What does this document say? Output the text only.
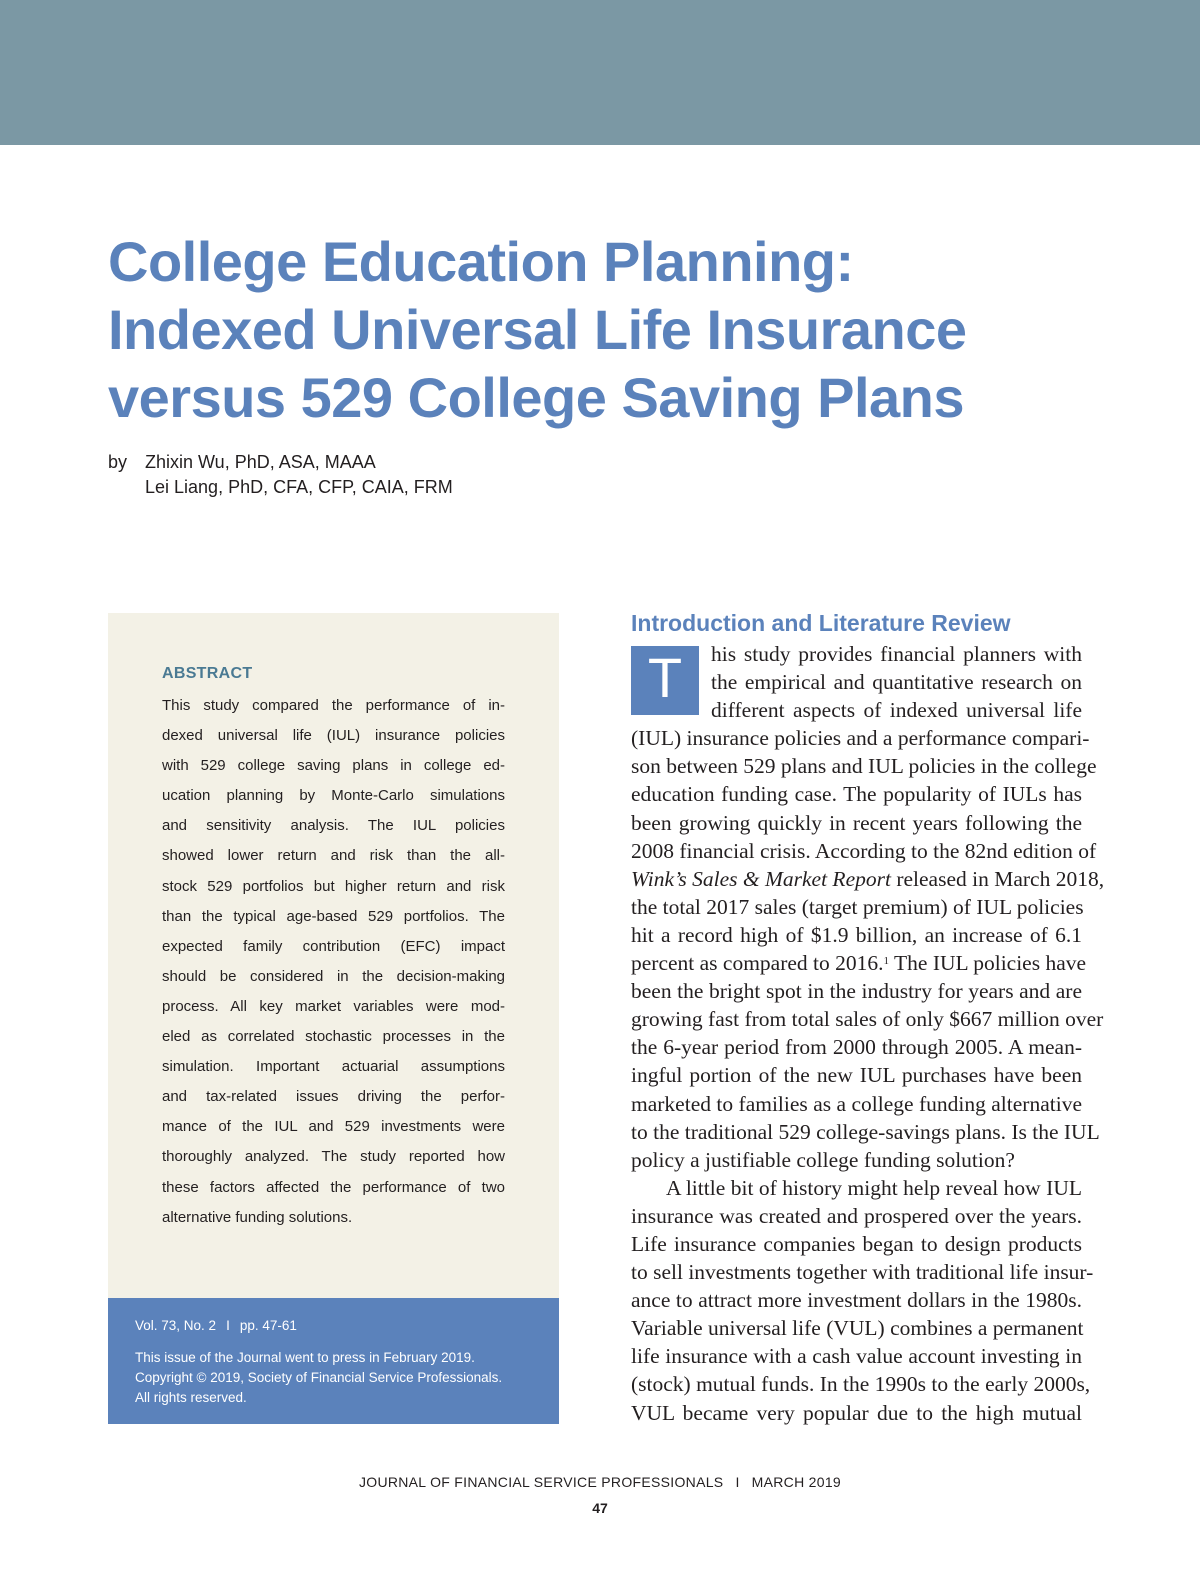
College Education Planning:
Indexed Universal Life Insurance
versus 529 College Saving Plans
by Zhixin Wu, PhD, ASA, MAAA
Lei Liang, PhD, CFA, CFP, CAIA, FRM
ABSTRACT
This study compared the performance of in-
dexed universal life (IUL) insurance policies
with 529 college saving plans in college ed-
ucation planning by Monte-Carlo simulations
and sensitivity analysis. The IUL policies
showed lower return and risk than the all-
stock 529 portfolios but higher return and risk
than the typical age-based 529 portfolios. The
expected family contribution (EFC) impact
should be considered in the decision-making
process. All key market variables were mod-
eled as correlated stochastic processes in the
simulation. Important actuarial assumptions
and tax-related issues driving the perfor-
mance of the IUL and 529 investments were
thoroughly analyzed. The study reported how
these factors affected the performance of two
alternative funding solutions.
Vol. 73, No. 2 I pp. 47-61
This issue of the Journal went to press in February 2019.
Copyright © 2019, Society of Financial Service Professionals.
All rights reserved.
Introduction and Literature Review
T	his study provides financial planners with
the empirical and quantitative research on
different aspects of indexed universal life
(IUL) insurance policies and a performance compari-
son between 529 plans and IUL policies in the college
education funding case. The popularity of IULs has
been growing quickly in recent years following the
2008 financial crisis. According to the 82nd edition of
Wink’s Sales & Market Report released in March 2018,
the total 2017 sales (target premium) of IUL policies
hit a record high of $1.9 billion, an increase of 6.1
percent as compared to 2016.$^1$ The IUL policies have
been the bright spot in the industry for years and are
growing fast from total sales of only $667 million over
the 6-year period from 2000 through 2005. A mean-
ingful portion of the new IUL purchases have been
marketed to families as a college funding alternative
to the traditional 529 college-savings plans. Is the IUL
policy a justifiable college funding solution?
A little bit of history might help reveal how IUL
insurance was created and prospered over the years.
Life insurance companies began to design products
to sell investments together with traditional life insur-
ance to attract more investment dollars in the 1980s.
Variable universal life (VUL) combines a permanent
life insurance with a cash value account investing in
(stock) mutual funds. In the 1990s to the early 2000s,
VUL became very popular due to the high mutual
JOURNAL OF FINANCIAL SERVICE PROFESSIONALS I MARCH 2019
47
